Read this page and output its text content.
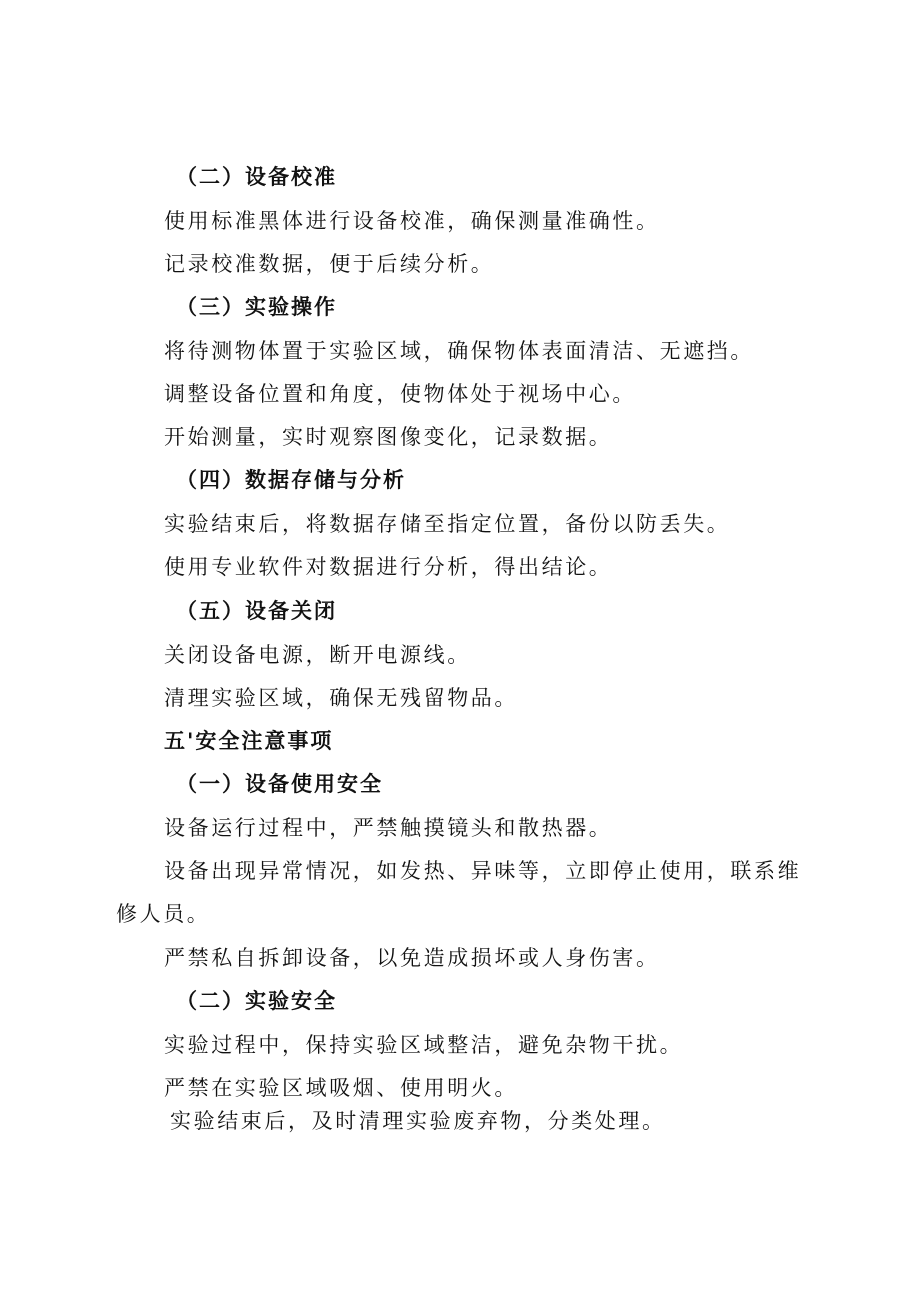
（二）设备校准
使用标准黑体进行设备校准，确保测量准确性。
记录校准数据，便于后续分析。
（三）实验操作
将待测物体置于实验区域，确保物体表面清洁、无遮挡。
调整设备位置和角度，使物体处于视场中心。
开始测量，实时观察图像变化，记录数据。
（四）数据存储与分析
实验结束后，将数据存储至指定位置，备份以防丢失。
使用专业软件对数据进行分析，得出结论。
（五）设备关闭
关闭设备电源，断开电源线。
清理实验区域，确保无残留物品。
五'安全注意事项
（一）设备使用安全
设备运行过程中，严禁触摸镜头和散热器。
设备出现异常情况，如发热、异味等，立即停止使用，联系维
修人员。
严禁私自拆卸设备，以免造成损坏或人身伤害。
（二）实验安全
实验过程中，保持实验区域整洁，避免杂物干扰。
严禁在实验区域吸烟、使用明火。
实验结束后，及时清理实验废弃物，分类处理。
